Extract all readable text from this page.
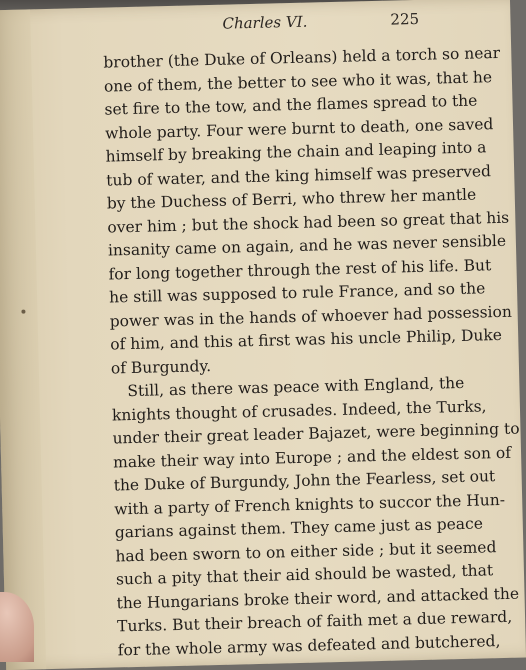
Charles VI.	225
brother (the Duke of Orleans) held a torch so near
one of them, the better to see who it was, that he
set fire to the tow, and the flames spread to the
whole party. Four were burnt to death, one saved
himself by breaking the chain and leaping into a
tub of water, and the king himself was preserved
by the Duchess of Berri, who threw her mantle
over him ; but the shock had been so great that his
insanity came on again, and he was never sensible
for long together through the rest of his life. But
he still was supposed to rule France, and so the
power was in the hands of whoever had possession
of him, and this at first was his uncle Philip, Duke
of Burgundy.
Still, as there was peace with England, the
knights thought of crusades. Indeed, the Turks,
under their great leader Bajazet, were beginning to
make their way into Europe ; and the eldest son of
the Duke of Burgundy, John the Fearless, set out
with a party of French knights to succor the Hun-
garians against them. They came just as peace
had been sworn to on either side ; but it seemed
such a pity that their aid should be wasted, that
the Hungarians broke their word, and attacked the
Turks. But their breach of faith met a due reward,
for the whole army was defeated and butchered,
